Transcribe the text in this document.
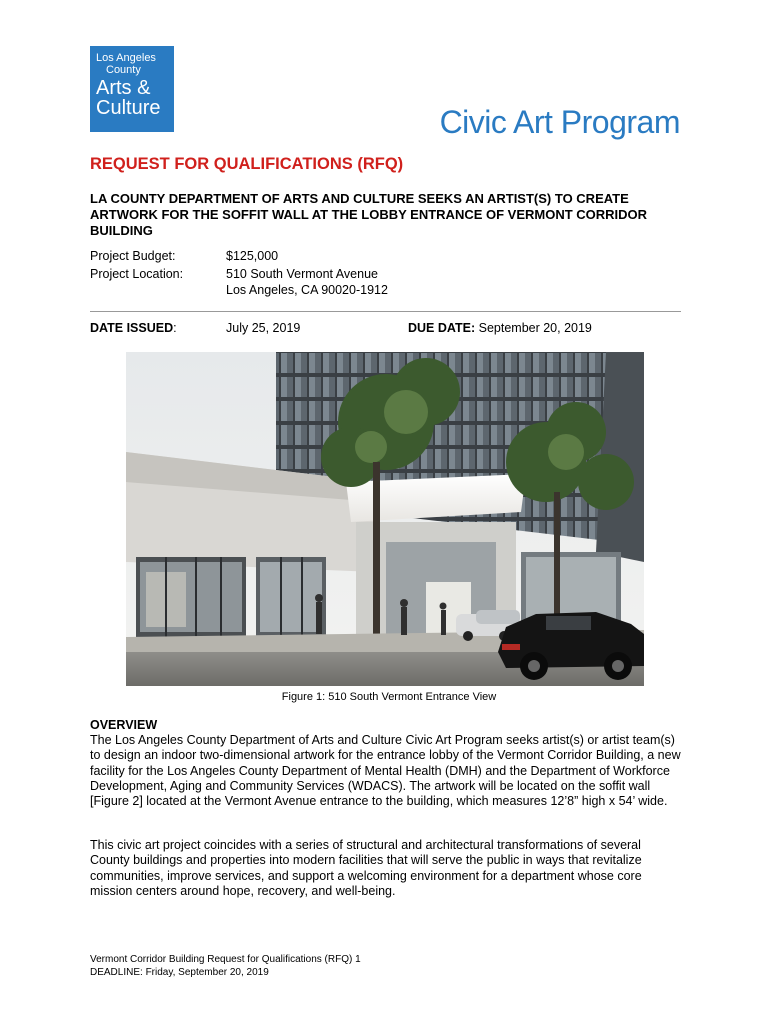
Los Angeles
County
Arts &
Culture	Civic Art Program
REQUEST FOR QUALIFICATIONS (RFQ)
LA COUNTY DEPARTMENT OF ARTS AND CULTURE SEEKS AN ARTIST(S) TO CREATE ARTWORK FOR THE SOFFIT WALL AT THE LOBBY ENTRANCE OF VERMONT CORRIDOR BUILDING
Project Budget:	$125,000
Project Location:	510 South Vermont Avenue
Los Angeles, CA 90020-1912
DATE ISSUED:	July 25, 2019	DUE DATE: September 20, 2019
Figure 1: 510 South Vermont Entrance View
OVERVIEW
The Los Angeles County Department of Arts and Culture Civic Art Program seeks artist(s) or artist team(s) to design an indoor two-dimensional artwork for the entrance lobby of the Vermont Corridor Building, a new facility for the Los Angeles County Department of Mental Health (DMH) and the Department of Workforce Development, Aging and Community Services (WDACS). The artwork will be located on the soffit wall [Figure 2] located at the Vermont Avenue entrance to the building, which measures 12’8” high x 54’ wide.
This civic art project coincides with a series of structural and architectural transformations of several County buildings and properties into modern facilities that will serve the public in ways that revitalize communities, improve services, and support a welcoming environment for a department whose core mission centers around hope, recovery, and well-being.
Vermont Corridor Building Request for Qualifications (RFQ) 1
DEADLINE: Friday, September 20, 2019
